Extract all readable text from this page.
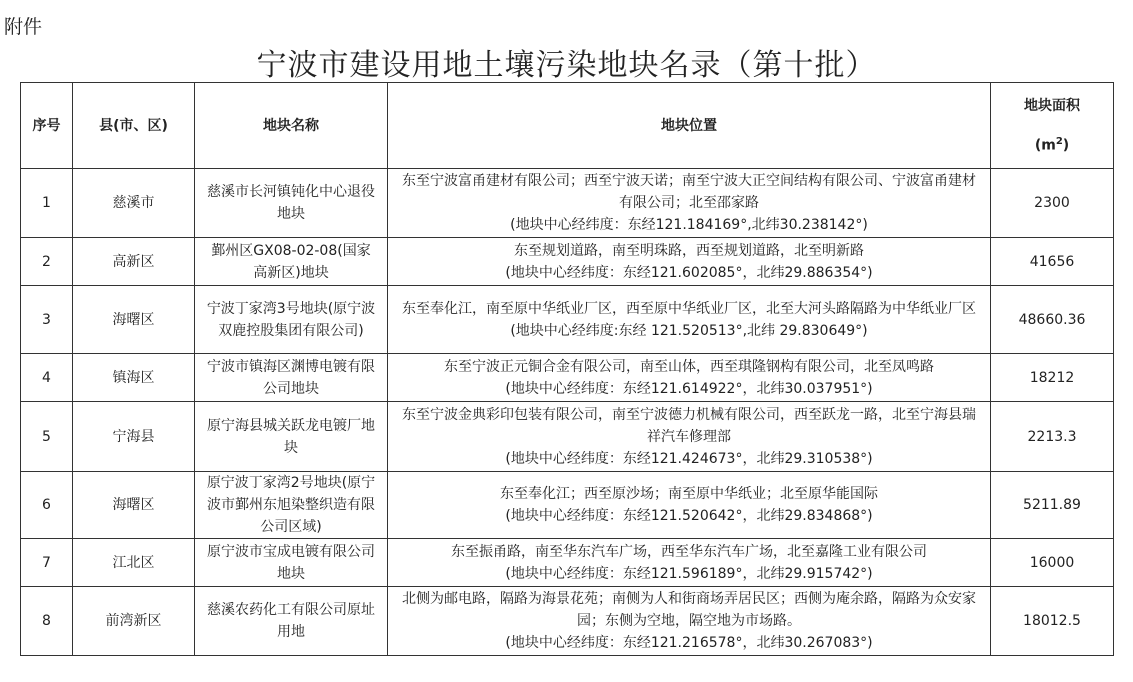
附件
宁波市建设用地土壤污染地块名录（第十批）
序号	县(市、区)	地块名称	地块位置	地块面积
$(m^2)$

1	慈溪市	慈溪市长河镇钝化中心退役地块	东至宁波富甬建材有限公司；西至宁波天诺；南至宁波大正空间结构有限公司、宁波富甬建材有限公司；北至邵家路
(地块中心经纬度：东经121.184169°,北纬30.238142°)	2300
2	高新区	鄞州区GX08-02-08(国家高新区)地块	东至规划道路，南至明珠路，西至规划道路，北至明新路
(地块中心经纬度：东经121.602085°，北纬29.886354°)	41656
3	海曙区	宁波丁家湾3号地块(原宁波双鹿控股集团有限公司)	东至奉化江，南至原中华纸业厂区，西至原中华纸业厂区，北至大河头路隔路为中华纸业厂区
(地块中心经纬度:东经 121.520513°,北纬 29.830649°)	48660.36
4	镇海区	宁波市镇海区渊博电镀有限公司地块	东至宁波正元铜合金有限公司，南至山体，西至琪隆钢构有限公司，北至凤鸣路
(地块中心经纬度：东经121.614922°，北纬30.037951°)	18212
5	宁海县	原宁海县城关跃龙电镀厂地块	东至宁波金典彩印包装有限公司，南至宁波德力机械有限公司，西至跃龙一路，北至宁海县瑞祥汽车修理部
(地块中心经纬度：东经121.424673°，北纬29.310538°)	2213.3
6	海曙区	原宁波丁家湾2号地块(原宁波市鄞州东旭染整织造有限公司区域)	东至奉化江；西至原沙场；南至原中华纸业；北至原华能国际
(地块中心经纬度：东经121.520642°，北纬29.834868°)	5211.89
7	江北区	原宁波市宝成电镀有限公司地块	东至振甬路，南至华东汽车广场，西至华东汽车广场，北至嘉隆工业有限公司
(地块中心经纬度：东经121.596189°，北纬29.915742°)	16000
8	前湾新区	慈溪农药化工有限公司原址用地	北侧为邮电路，隔路为海景花苑；南侧为人和街商场弄居民区；西侧为庵余路，隔路为众安家园；东侧为空地，隔空地为市场路。
(地块中心经纬度：东经121.216578°，北纬30.267083°)	18012.5
